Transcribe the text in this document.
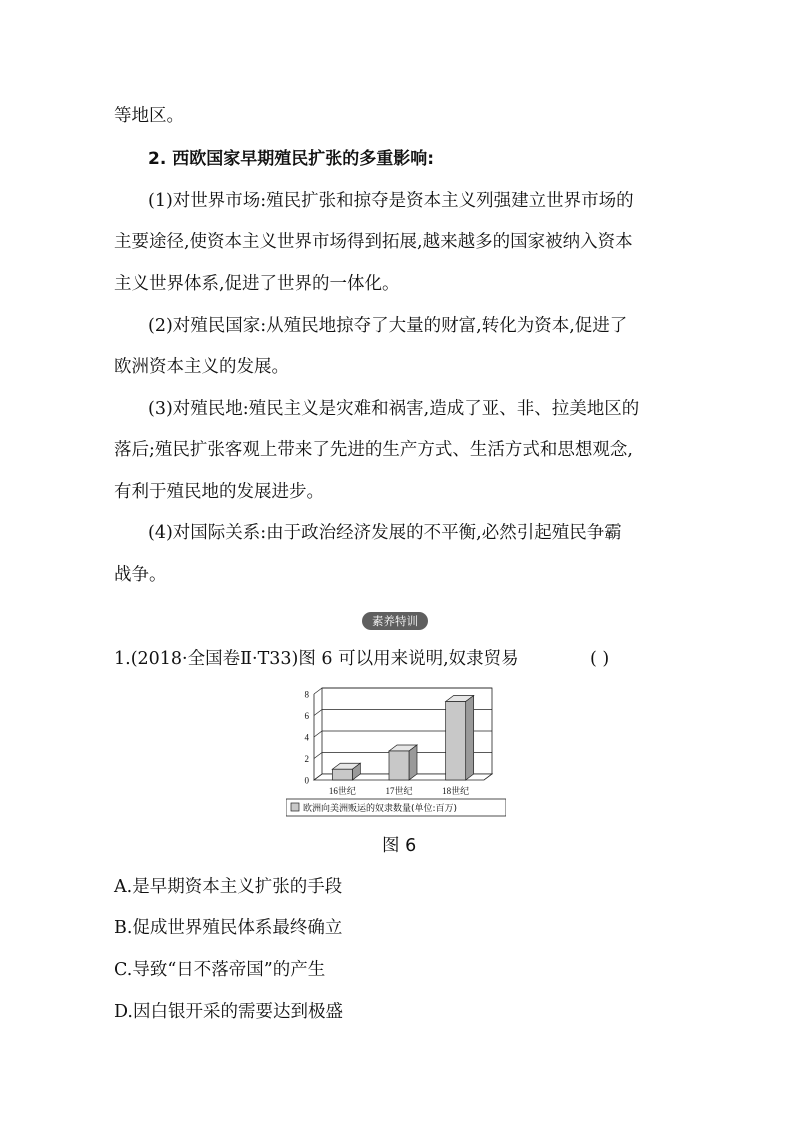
等地区。
2. 西欧国家早期殖民扩张的多重影响:
(1)对世界市场:殖民扩张和掠夺是资本主义列强建立世界市场的
主要途径,使资本主义世界市场得到拓展,越来越多的国家被纳入资本
主义世界体系,促进了世界的一体化。
(2)对殖民国家:从殖民地掠夺了大量的财富,转化为资本,促进了
欧洲资本主义的发展。
(3)对殖民地:殖民主义是灾难和祸害,造成了亚、非、拉美地区的
落后;殖民扩张客观上带来了先进的生产方式、生活方式和思想观念,
有利于殖民地的发展进步。
(4)对国际关系:由于政治经济发展的不平衡,必然引起殖民争霸
战争。
素养特训
1.(2018·全国卷Ⅱ·T33)图 6 可以用来说明,奴隶贸易	( )
0
2
4
6
8
16世纪	17世纪	18世纪
欧洲向美洲贩运的奴隶数量(单位:百万)
图 6
A.是早期资本主义扩张的手段
B.促成世界殖民体系最终确立
C.导致“日不落帝国”的产生
D.因白银开采的需要达到极盛
